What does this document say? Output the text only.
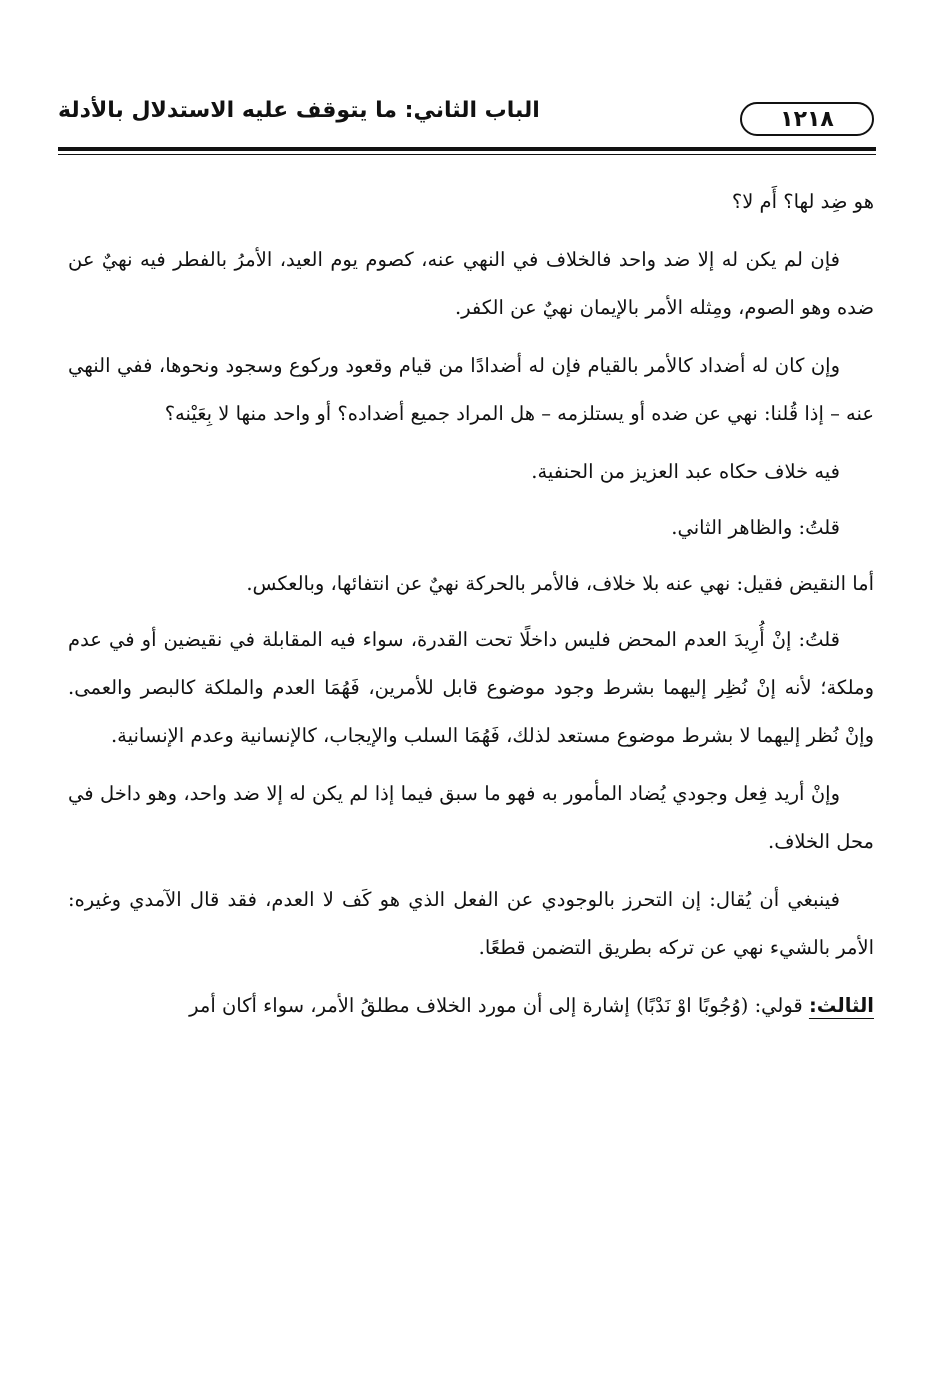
١٢١٨
الباب الثاني: ما يتوقف عليه الاستدلال بالأدلة

هو ضِد لها؟ أَم لا؟

فإن لم يكن له إلا ضد واحد فالخلاف في النهي عنه، كصوم يوم العيد، الأمرُ بالفطر فيه نهيٌ عن ضده وهو الصوم، ومِثله الأمر بالإيمان نهيٌ عن الكفر.

وإن كان له أضداد كالأمر بالقيام فإن له أضدادًا من قيام وقعود وركوع وسجود ونحوها، ففي النهي عنه – إذا قُلنا: نهي عن ضده أو يستلزمه – هل المراد جميع أضداده؟ أو واحد منها لا بِعَيْنه؟

فيه خلاف حكاه عبد العزيز من الحنفية.

قلتُ: والظاهر الثاني.

أما النقيض فقيل: نهي عنه بلا خلاف، فالأمر بالحركة نهيٌ عن انتفائها، وبالعكس.

قلتُ: إنْ أُرِيدَ العدم المحض فليس داخلًا تحت القدرة، سواء فيه المقابلة في نقيضين أو في عدم وملكة؛ لأنه إنْ نُظِر إليهما بشرط وجود موضوع قابل للأمرين، فَهُمَا العدم والملكة كالبصر والعمى. وإنْ نُظر إليهما لا بشرط موضوع مستعد لذلك، فَهُمَا السلب والإيجاب، كالإنسانية وعدم الإنسانية.

وإنْ أريد فِعل وجودي يُضاد المأمور به فهو ما سبق فيما إذا لم يكن له إلا ضد واحد، وهو داخل في محل الخلاف.

فينبغي أن يُقال: إن التحرز بالوجودي عن الفعل الذي هو كَف لا العدم، فقد قال الآمدي وغيره: الأمر بالشيء نهي عن تركه بطريق التضمن قطعًا.

الثالث: قولي: (وُجُوبًا اوْ نَدْبًا) إشارة إلى أن مورد الخلاف مطلقُ الأمر، سواء أكان أمر
